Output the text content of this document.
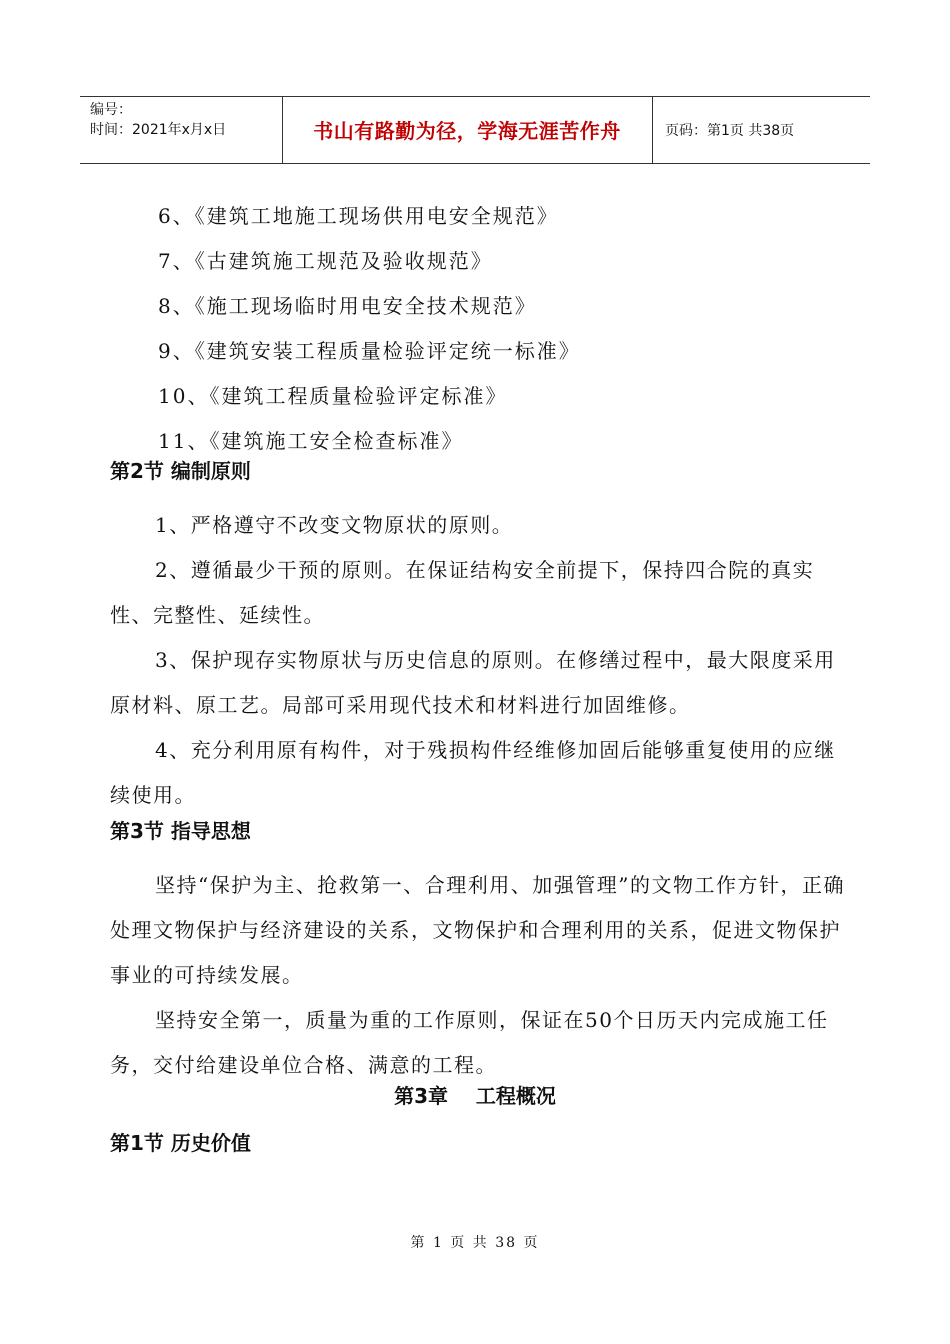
编号：
时间：2021年x月x日	书山有路勤为径，学海无涯苦作舟	页码：第1页 共38页
6、《建筑工地施工现场供用电安全规范》
7、《古建筑施工规范及验收规范》
8、《施工现场临时用电安全技术规范》
9、《建筑安装工程质量检验评定统一标准》
10、《建筑工程质量检验评定标准》
11、《建筑施工安全检查标准》
第2节 编制原则
1、严格遵守不改变文物原状的原则。
2、遵循最少干预的原则。在保证结构安全前提下，保持四合院的真实性、完整性、延续性。
3、保护现存实物原状与历史信息的原则。在修缮过程中，最大限度采用原材料、原工艺。局部可采用现代技术和材料进行加固维修。
4、充分利用原有构件，对于残损构件经维修加固后能够重复使用的应继续使用。
第3节 指导思想
坚持“保护为主、抢救第一、合理利用、加强管理”的文物工作方针，正确处理文物保护与经济建设的关系，文物保护和合理利用的关系，促进文物保护事业的可持续发展。
坚持安全第一，质量为重的工作原则，保证在50个日历天内完成施工任务，交付给建设单位合格、满意的工程。
第3章    工程概况
第1节 历史价值
第 1 页 共 38 页
